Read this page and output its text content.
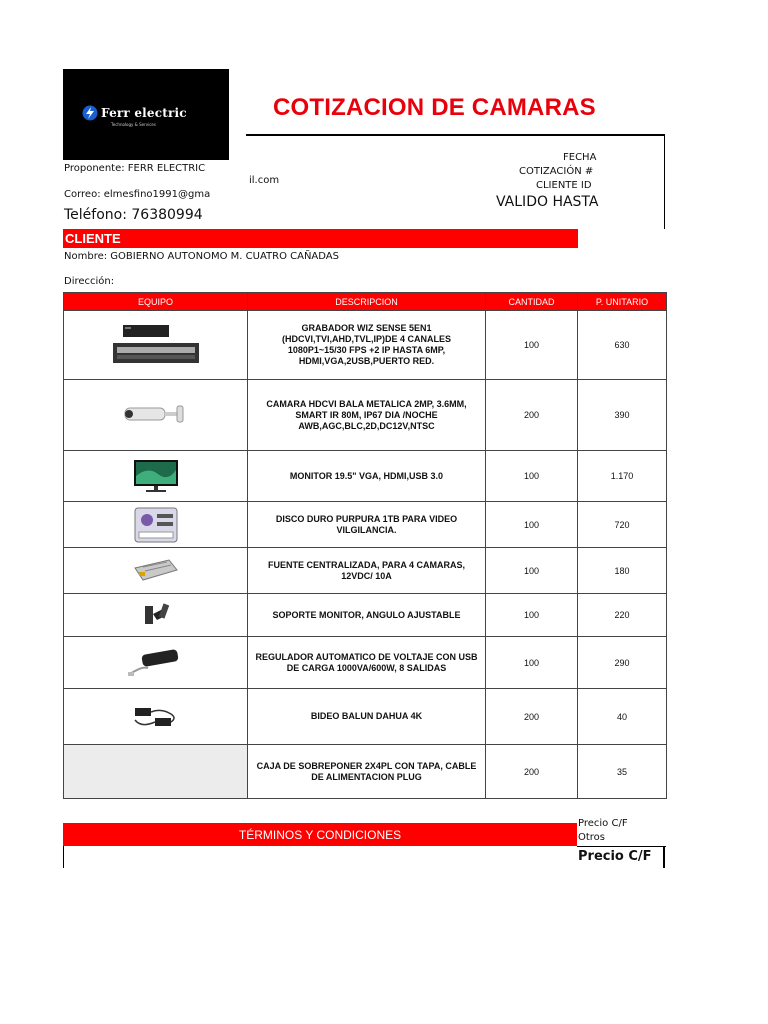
Ferr electric
Technology & Services
COTIZACION DE CAMARAS
Proponente: FERR ELECTRIC
Correo: elmesfino1991@gma
il.com
Teléfono: 76380994
FECHA
COTIZACIÓN #
CLIENTE ID
VALIDO HASTA
CLIENTE
Nombre: GOBIERNO AUTONOMO M. CUATRO CAÑADAS
Dirección:
EQUIPO	DESCRIPCION	CANTIDAD	P. UNITARIO

	GRABADOR WIZ SENSE 5EN1 (HDCVI,TVI,AHD,TVL,IP)DE 4 CANALES 1080P1~15/30 FPS +2 IP HASTA 6MP, HDMI,VGA,2USB,PUERTO RED.	100	630

	CAMARA HDCVI BALA METALICA 2MP, 3.6MM, SMART IR 80M, IP67 DIA /NOCHE AWB,AGC,BLC,2D,DC12V,NTSC	200	390

	MONITOR 19.5" VGA, HDMI,USB 3.0	100	1.170

	DISCO DURO PURPURA 1TB PARA VIDEO VILGILANCIA.	100	720

	FUENTE CENTRALIZADA, PARA 4 CAMARAS, 12VDC/ 10A	100	180

	SOPORTE MONITOR, ANGULO AJUSTABLE	100	220

	REGULADOR AUTOMATICO DE VOLTAJE CON USB DE CARGA 1000VA/600W, 8 SALIDAS	100	290

	BIDEO BALUN DAHUA 4K	200	40
	CAJA DE SOBREPONER 2X4PL CON TAPA, CABLE DE ALIMENTACION PLUG	200	35
TÉRMINOS Y CONDICIONES
Precio C/F
Otros
Precio C/F
